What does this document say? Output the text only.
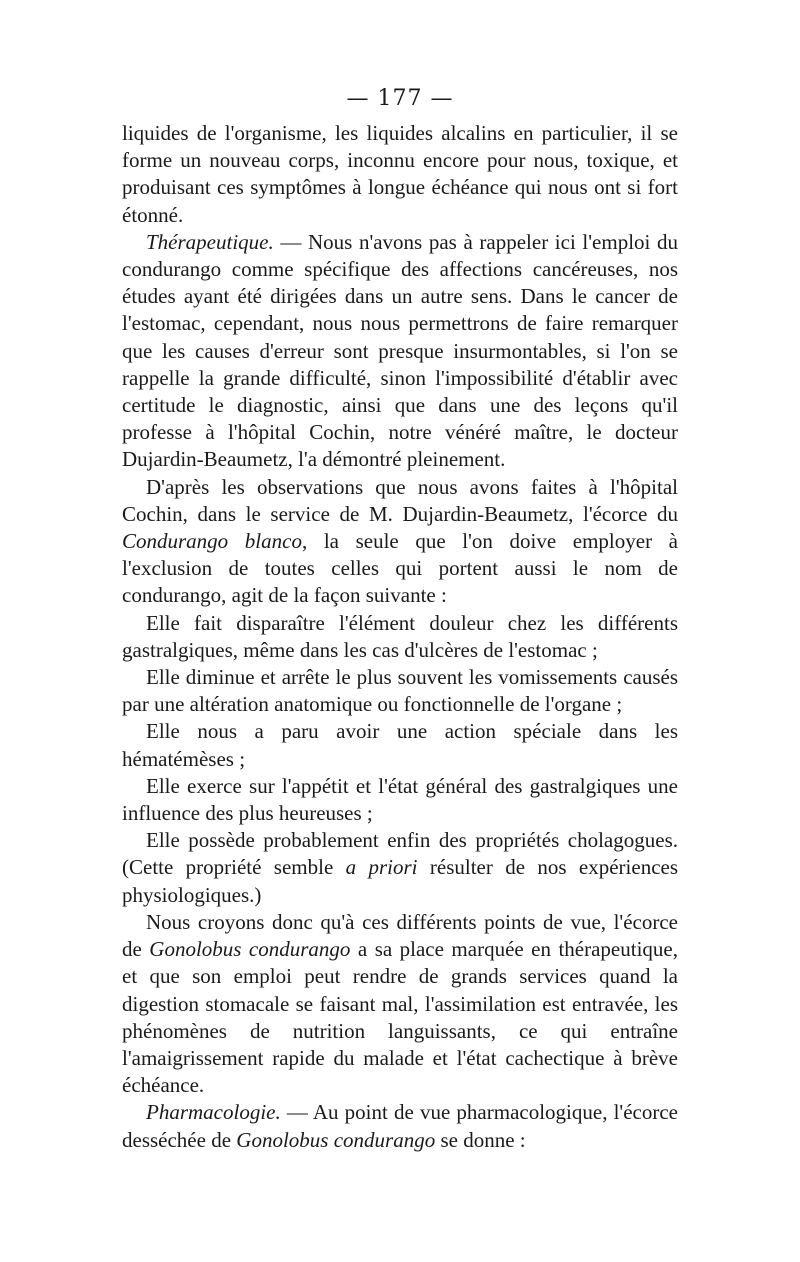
— 177 —

liquides de l'organisme, les liquides alcalins en particulier, il se forme un nouveau corps, inconnu encore pour nous, toxique, et produisant ces symptômes à longue échéance qui nous ont si fort étonné.

Thérapeutique. — Nous n'avons pas à rappeler ici l'emploi du condurango comme spécifique des affections cancéreuses, nos études ayant été dirigées dans un autre sens. Dans le cancer de l'estomac, cependant, nous nous permettrons de faire remarquer que les causes d'erreur sont presque insurmontables, si l'on se rappelle la grande difficulté, sinon l'impossibilité d'établir avec certitude le diagnostic, ainsi que dans une des leçons qu'il professe à l'hôpital Cochin, notre vénéré maître, le docteur Dujardin-Beaumetz, l'a démontré pleinement.

D'après les observations que nous avons faites à l'hôpital Cochin, dans le service de M. Dujardin-Beaumetz, l'écorce du Condurango blanco, la seule que l'on doive employer à l'exclusion de toutes celles qui portent aussi le nom de condurango, agit de la façon suivante :

Elle fait disparaître l'élément douleur chez les différents gastralgiques, même dans les cas d'ulcères de l'estomac ;

Elle diminue et arrête le plus souvent les vomissements causés par une altération anatomique ou fonctionnelle de l'organe ;

Elle nous a paru avoir une action spéciale dans les hématémèses ;

Elle exerce sur l'appétit et l'état général des gastralgiques une influence des plus heureuses ;

Elle possède probablement enfin des propriétés cholagogues. (Cette propriété semble a priori résulter de nos expériences physiologiques.)

Nous croyons donc qu'à ces différents points de vue, l'écorce de Gonolobus condurango a sa place marquée en thérapeutique, et que son emploi peut rendre de grands services quand la digestion stomacale se faisant mal, l'assimilation est entravée, les phénomènes de nutrition languissants, ce qui entraîne l'amaigrissement rapide du malade et l'état cachectique à brève échéance.

Pharmacologie. — Au point de vue pharmacologique, l'écorce desséchée de Gonolobus condurango se donne :
